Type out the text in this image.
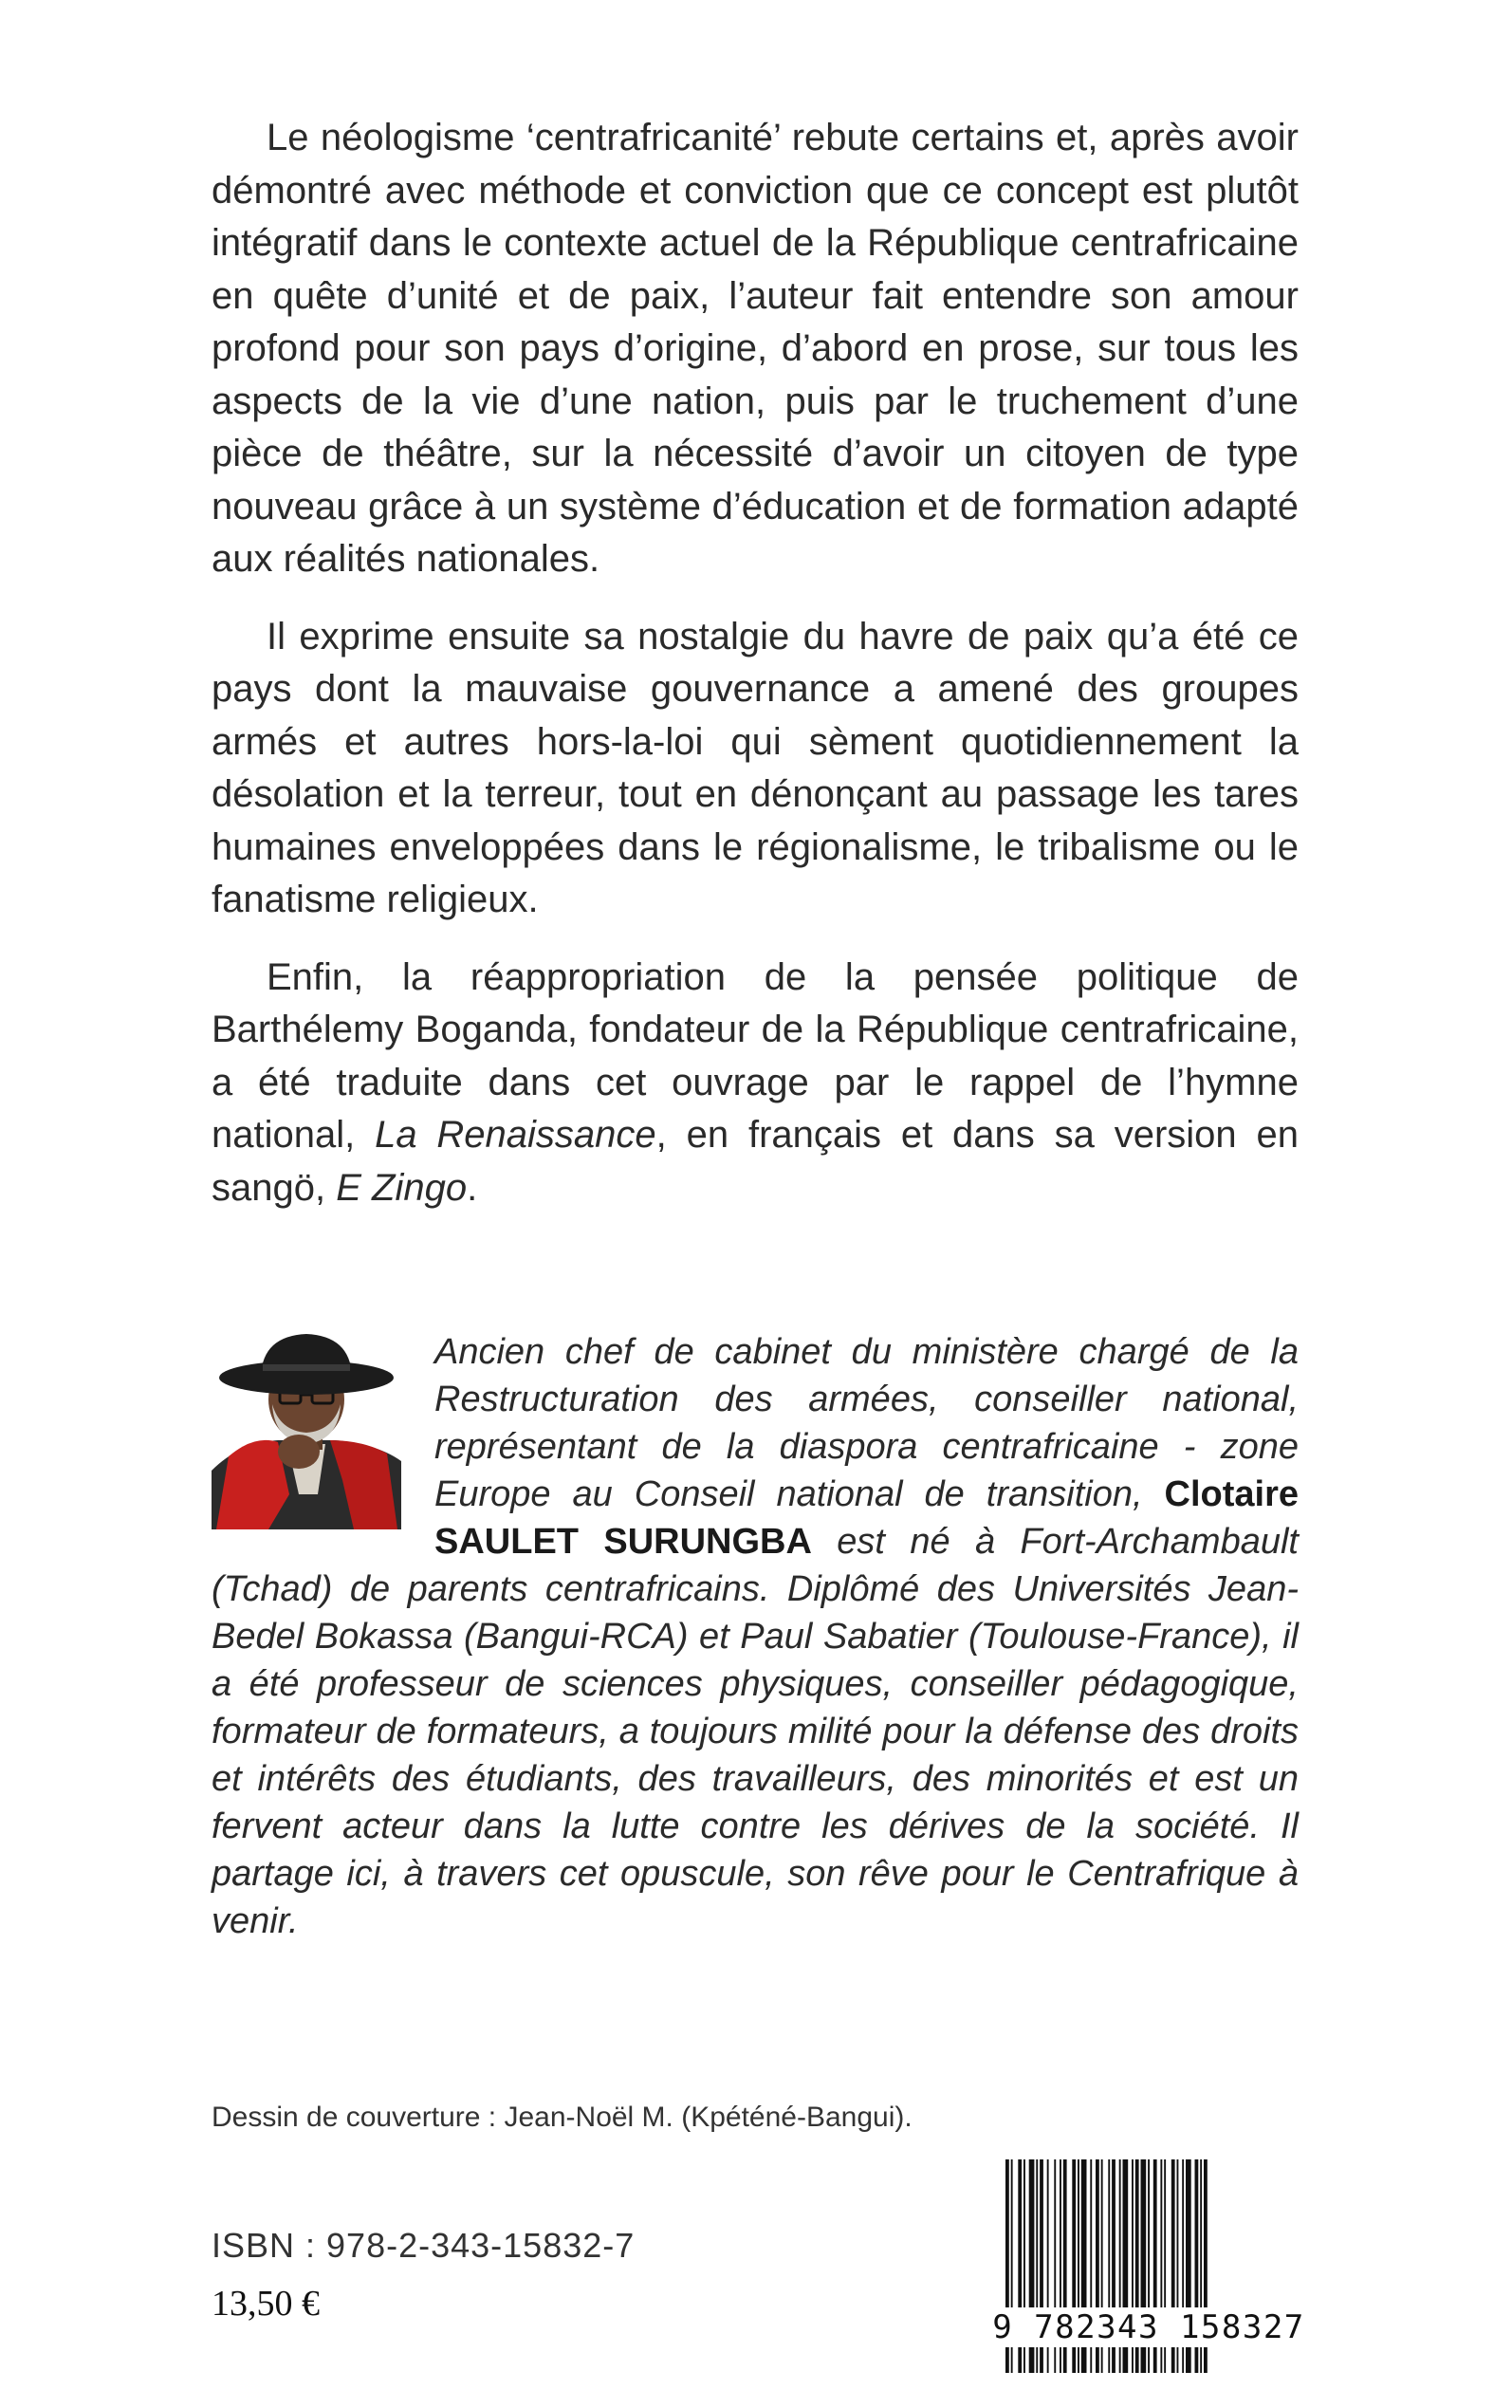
Le néologisme ‘centrafricanité’ rebute certains et, après avoir démontré avec méthode et conviction que ce concept est plutôt intégratif dans le contexte actuel de la République centrafricaine en quête d’unité et de paix, l’auteur fait entendre son amour profond pour son pays d’origine, d’abord en prose, sur tous les aspects de la vie d’une nation, puis par le truchement d’une pièce de théâtre, sur la nécessité d’avoir un citoyen de type nouveau grâce à un système d’éducation et de formation adapté aux réalités nationales.

Il exprime ensuite sa nostalgie du havre de paix qu’a été ce pays dont la mauvaise gouvernance a amené des groupes armés et autres hors-la-loi qui sèment quotidiennement la désolation et la terreur, tout en dénonçant au passage les tares humaines enveloppées dans le régionalisme, le tribalisme ou le fanatisme religieux.

Enfin, la réappropriation de la pensée politique de Barthélemy Boganda, fondateur de la République centrafricaine, a été traduite dans cet ouvrage par le rappel de l’hymne national, La Renaissance, en français et dans sa version en sangö, E Zingo.

Ancien chef de cabinet du ministère chargé de la Restructuration des armées, conseiller national, représentant de la diaspora centrafricaine - zone Europe au Conseil national de transition, Clotaire SAULET SURUNGBA est né à Fort-Archambault (Tchad) de parents centrafricains. Diplômé des Universités Jean-Bedel Bokassa (Bangui-RCA) et Paul Sabatier (Toulouse-France), il a été professeur de sciences physiques, conseiller pédagogique, formateur de formateurs, a toujours milité pour la défense des droits et intérêts des étudiants, des travailleurs, des minorités et est un fervent acteur dans la lutte contre les dérives de la société. Il partage ici, à travers cet opuscule, son rêve pour le Centrafrique à venir.

Dessin de couverture : Jean-Noël M. (Kpéténé-Bangui).
ISBN : 978-2-343-15832-7
13,50 €
9 782343 158327
